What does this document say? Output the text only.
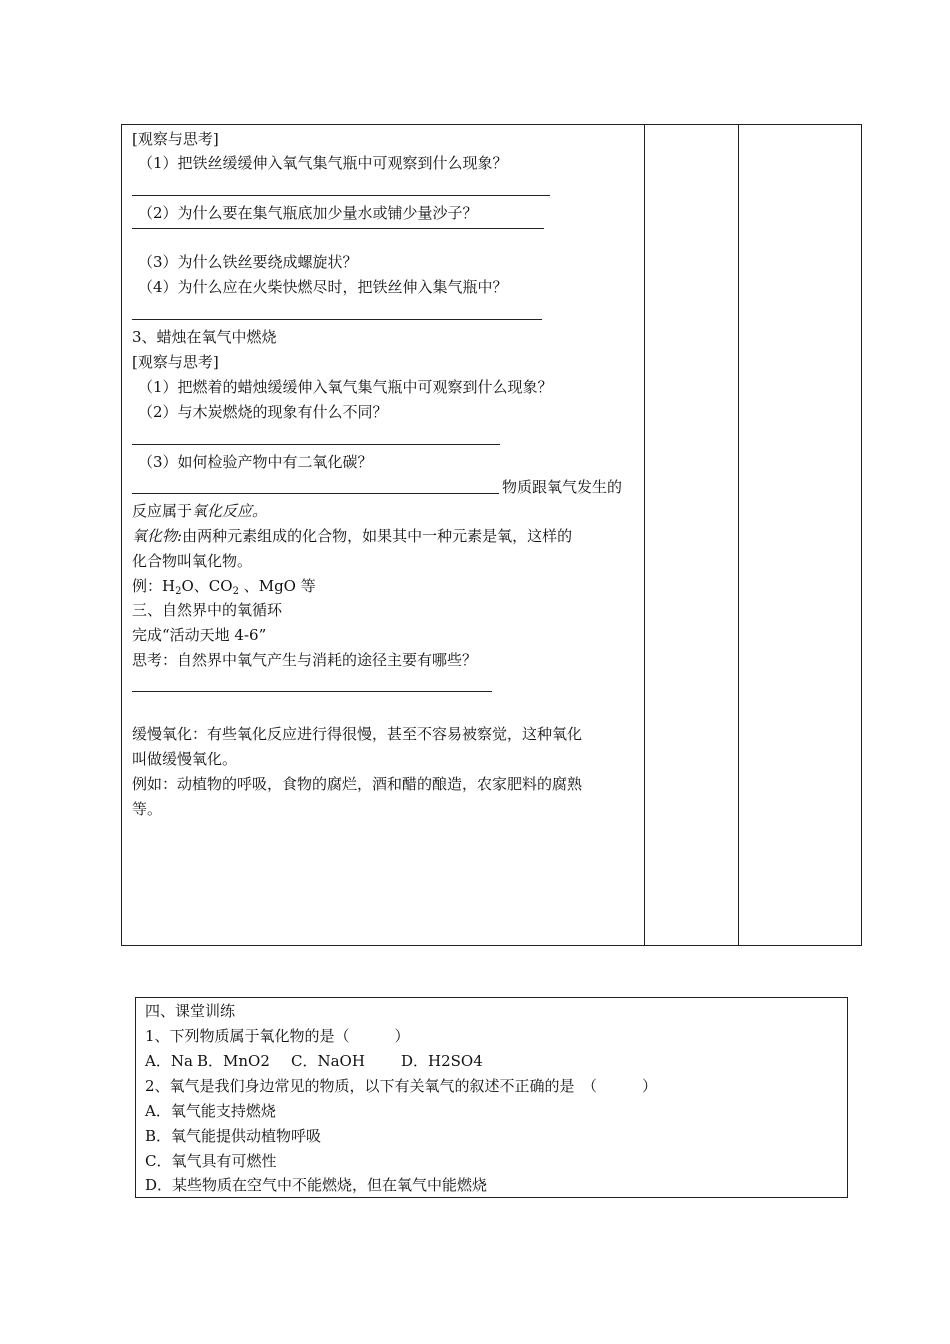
[观察与思考]
（1）把铁丝缓缓伸入氧气集气瓶中可观察到什么现象？
（2）为什么要在集气瓶底加少量水或铺少量沙子？
（3）为什么铁丝要绕成螺旋状？
（4）为什么应在火柴快燃尽时，把铁丝伸入集气瓶中？
3、蜡烛在氧气中燃烧
[观察与思考]
（1）把燃着的蜡烛缓缓伸入氧气集气瓶中可观察到什么现象？
（2）与木炭燃烧的现象有什么不同？
（3）如何检验产物中有二氧化碳？
物质跟氧气发生的
反应属于氧化反应。
氧化物:由两种元素组成的化合物，如果其中一种元素是氧，这样的
化合物叫氧化物。
例：$H_2O$、$CO_2$ 、MgO 等
三、自然界中的氧循环
完成“活动天地 4-6”
思考：自然界中氧气产生与消耗的途径主要有哪些？
缓慢氧化：有些氧化反应进行得很慢，甚至不容易被察觉，这种氧化
叫做缓慢氧化。
例如：动植物的呼吸，食物的腐烂，酒和醋的酿造，农家肥料的腐熟
等。
四、课堂训练
1、下列物质属于氧化物的是（　　　）
A．Na B．MnO2 C．NaOH D．H2SO4
2、氧气是我们身边常见的物质，以下有关氧气的叙述不正确的是　（　　　）
A．氧气能支持燃烧
B．氧气能提供动植物呼吸
C．氧气具有可燃性
D．某些物质在空气中不能燃烧，但在氧气中能燃烧
